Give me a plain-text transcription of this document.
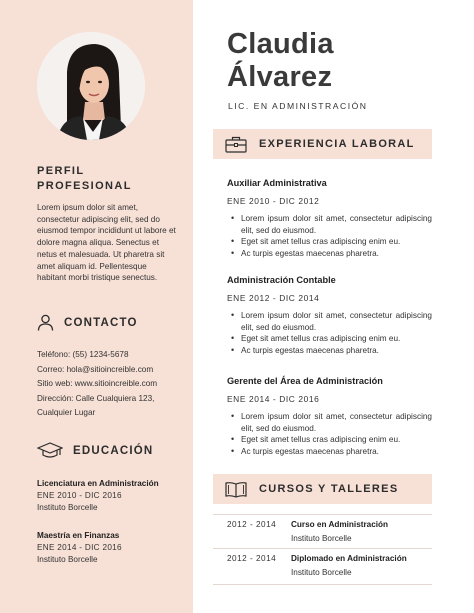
PERFIL PROFESIONAL
Lorem ipsum dolor sit amet, consectetur adipiscing elit, sed do eiusmod tempor incididunt ut labore et dolore magna aliqua. Senectus et netus et malesuada. Ut pharetra sit amet aliquam id. Pellentesque habitant morbi tristique senectus.
CONTACTO
Teléfono: (55) 1234-5678
Correo: hola@sitioincreible.com
Sitio web: www.sitioincreible.com
Dirección: Calle Cualquiera 123,
Cualquier Lugar
EDUCACIÓN
Licenciatura en Administración
ENE 2010 - DIC 2016
Instituto Borcelle
Maestría en Finanzas
ENE 2014 - DIC 2016
Instituto Borcelle
Claudia
Álvarez
LIC. EN ADMINISTRACIÓN
EXPERIENCIA LABORAL
Auxiliar Administrativa
ENE 2010 - DIC 2012
• Lorem ipsum dolor sit amet, consectetur adipiscing elit, sed do eiusmod.
• Eget sit amet tellus cras adipiscing enim eu.
• Ac turpis egestas maecenas pharetra.
Administración Contable
ENE 2012 - DIC 2014
• Lorem ipsum dolor sit amet, consectetur adipiscing elit, sed do eiusmod.
• Eget sit amet tellus cras adipiscing enim eu.
• Ac turpis egestas maecenas pharetra.
Gerente del Área de Administración
ENE 2014 - DIC 2016
• Lorem ipsum dolor sit amet, consectetur adipiscing elit, sed do eiusmod.
• Eget sit amet tellus cras adipiscing enim eu.
• Ac turpis egestas maecenas pharetra.
CURSOS Y TALLERES
2012 - 2014 Curso en Administración
Instituto Borcelle
2012 - 2014 Diplomado en Administración
Instituto Borcelle
